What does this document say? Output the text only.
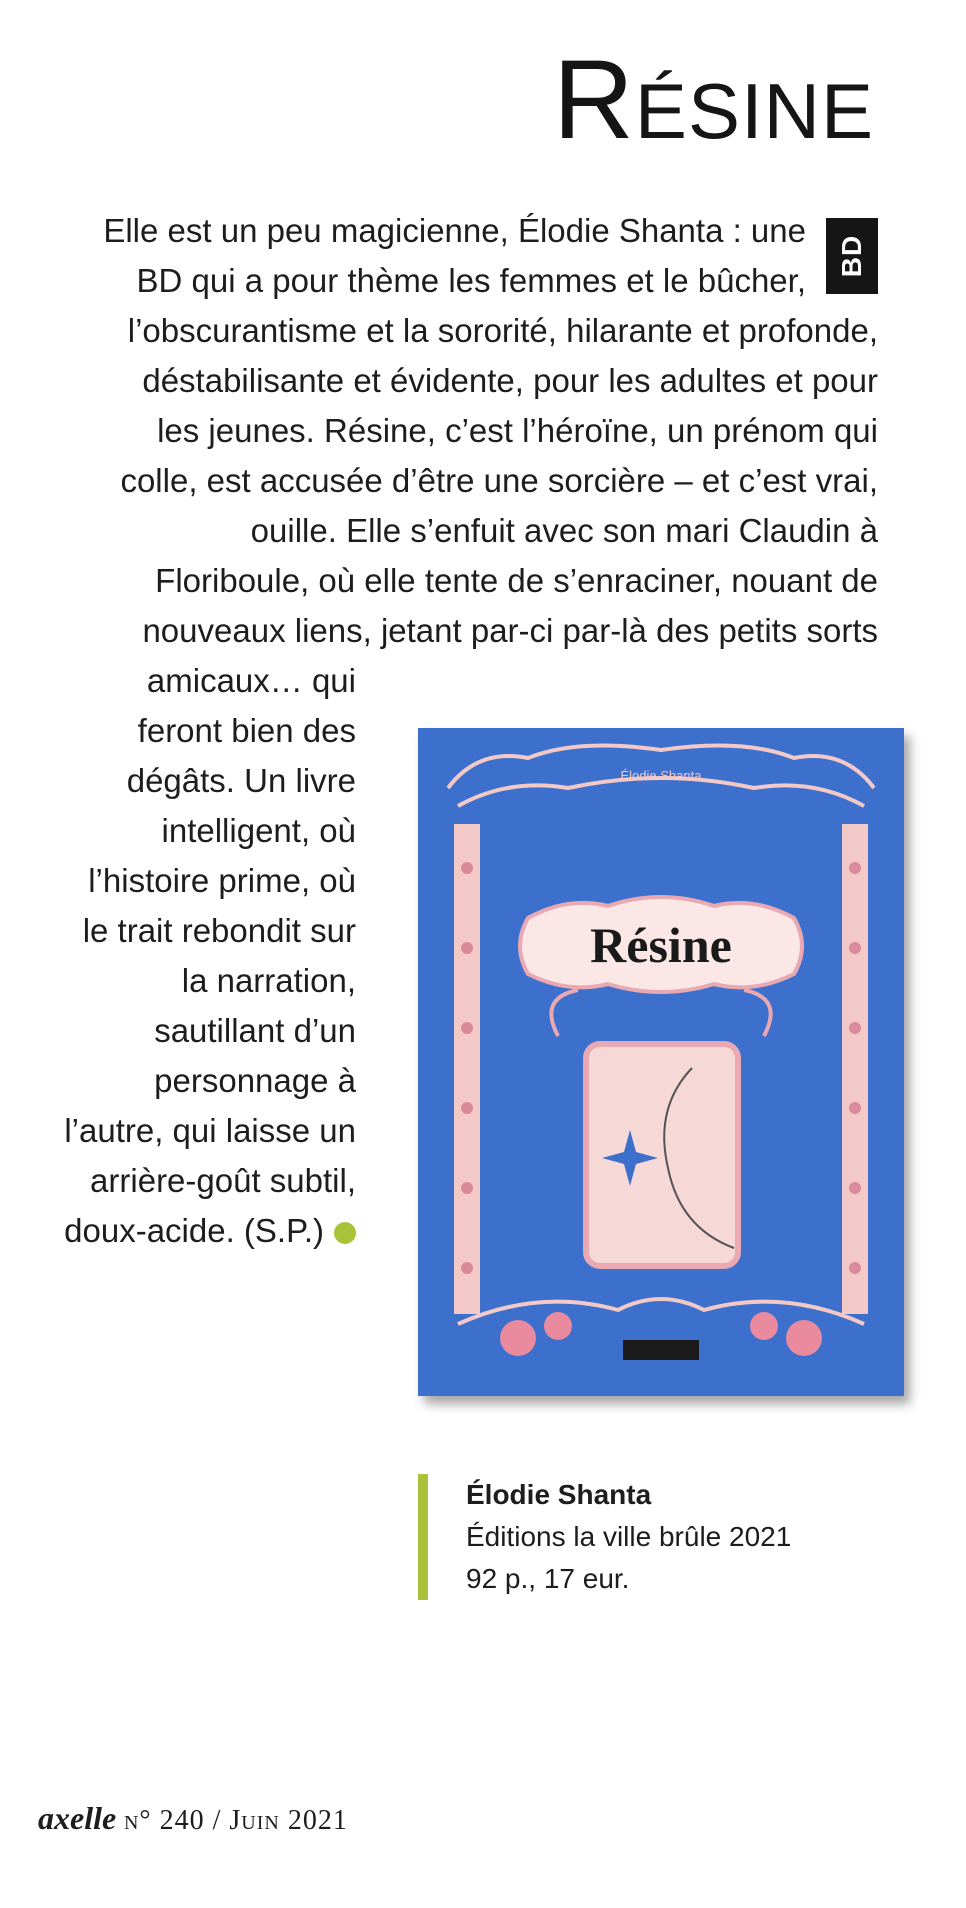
Résine
BD

Elle est un peu magicienne, Élodie Shanta : une

BD qui a pour thème les femmes et le bûcher,

l’obscurantisme et la sororité, hilarante et profonde,

déstabilisante et évidente, pour les adultes et pour

les jeunes. Résine, c’est l’héroïne, un prénom qui

colle, est accusée d’être une sorcière – et c’est vrai,

ouille. Elle s’enfuit avec son mari Claudin à

Floriboule, où elle tente de s’enraciner, nouant de

nouveaux liens, jetant par-ci par-là des petits sorts

amicaux… qui

feront bien des

dégâts. Un livre

intelligent, où

l’histoire prime, où

le trait rebondit sur

la narration,

sautillant d’un

personnage à

l’autre, qui laisse un

arrière-goût subtil,

doux-acide. (S.P.)

Résine
Élodie Shanta
Élodie Shanta
Éditions la ville brûle 2021
92 p., 17 eur.
axelle n° 240 / Juin 2021
